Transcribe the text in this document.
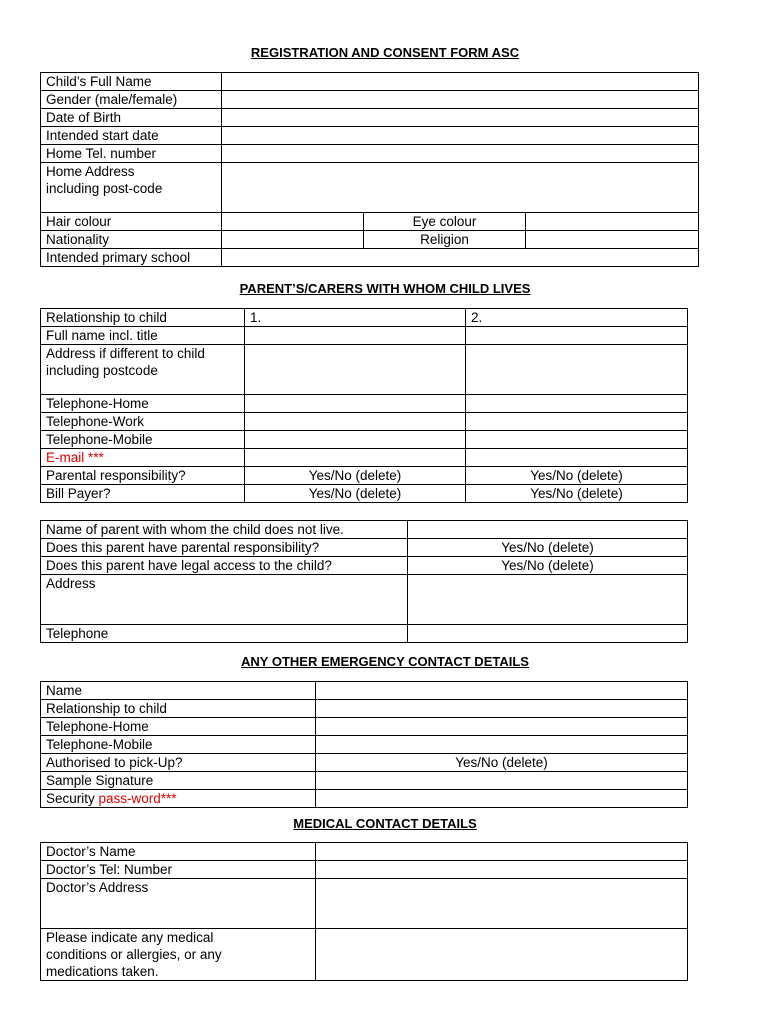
REGISTRATION AND CONSENT FORM ASC
Child’s Full Name			
Gender (male/female)			
Date of Birth			
Intended start date			
Home Tel. number			

Home Address
including post-code			

Hair colour		Eye colour	
Nationality		Religion	
Intended primary school			
PARENT’S/CARERS WITH WHOM CHILD LIVES
Relationship to child	1.	2.
Full name incl. title		

Address if different to child
including postcode		

Telephone-Home		
Telephone-Work		
Telephone-Mobile		
E-mail ***		
Parental responsibility?	Yes/No (delete)	Yes/No (delete)
Bill Payer?	Yes/No (delete)	Yes/No (delete)
Name of parent with whom the child does not live.	
Does this parent have parental responsibility?	Yes/No (delete)
Does this parent have legal access to the child?	Yes/No (delete)
Address	
Telephone	
ANY OTHER EMERGENCY CONTACT DETAILS
Name	
Relationship to child	
Telephone-Home	
Telephone-Mobile	
Authorised to pick-Up?	Yes/No (delete)
Sample Signature	
Security pass-word***	
MEDICAL CONTACT DETAILS
Doctor’s Name	
Doctor’s Tel: Number	
Doctor’s Address	

Please indicate any medical
conditions or allergies, or any
medications taken.	
